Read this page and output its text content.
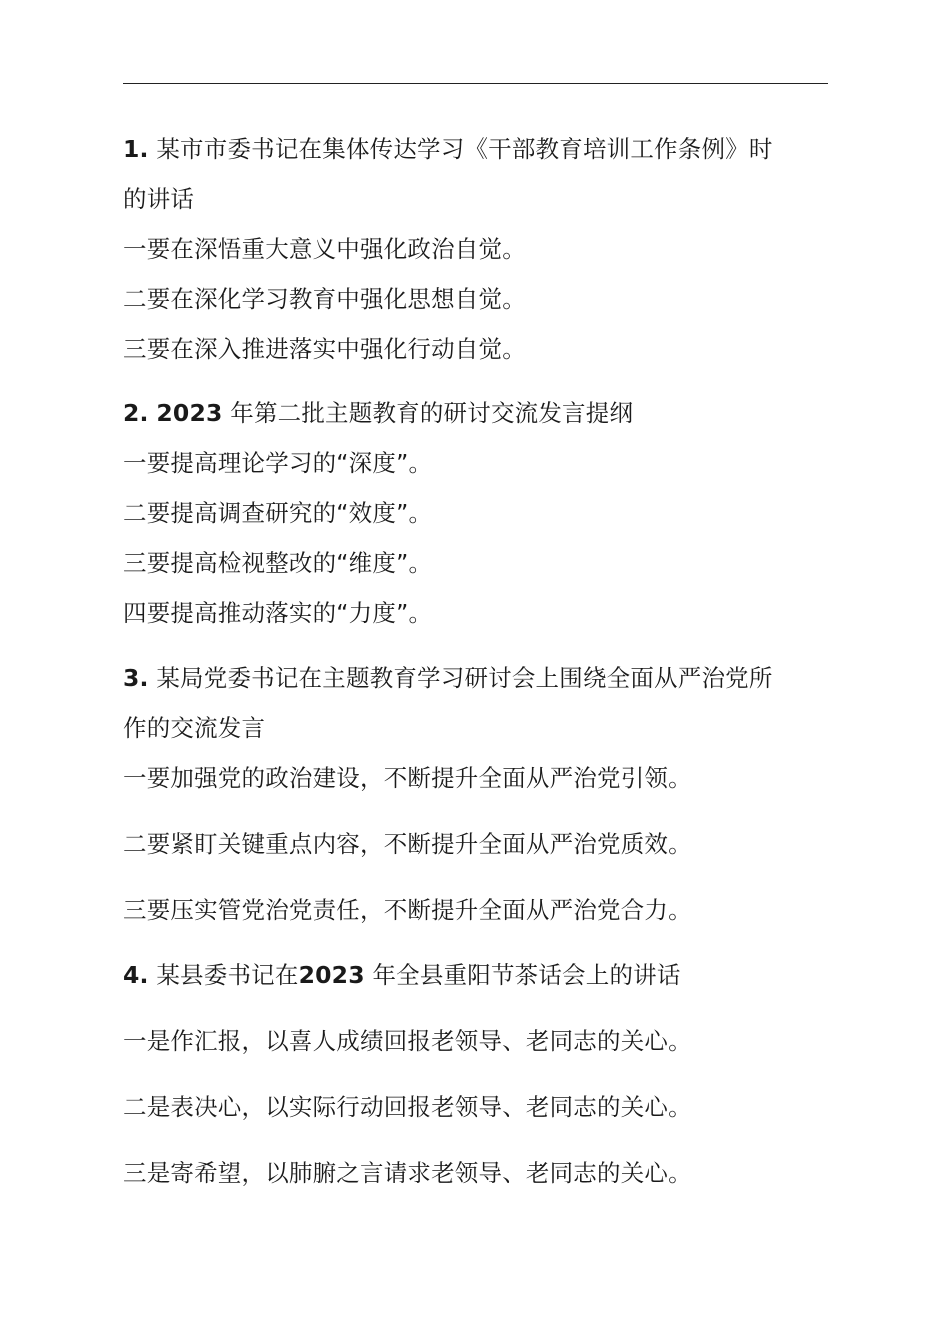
1. 某市市委书记在集体传达学习《干部教育培训工作条例》时
的讲话
一要在深悟重大意义中强化政治自觉。
二要在深化学习教育中强化思想自觉。
三要在深入推进落实中强化行动自觉。
2. 2023 年第二批主题教育的研讨交流发言提纲
一要提高理论学习的“深度”。
二要提高调查研究的“效度”。
三要提高检视整改的“维度”。
四要提高推动落实的“力度”。
3. 某局党委书记在主题教育学习研讨会上围绕全面从严治党所
作的交流发言
一要加强党的政治建设，不断提升全面从严治党引领。
二要紧盯关键重点内容，不断提升全面从严治党质效。
三要压实管党治党责任，不断提升全面从严治党合力。
4. 某县委书记在2023 年全县重阳节茶话会上的讲话
一是作汇报，以喜人成绩回报老领导、老同志的关心。
二是表决心，以实际行动回报老领导、老同志的关心。
三是寄希望，以肺腑之言请求老领导、老同志的关心。
